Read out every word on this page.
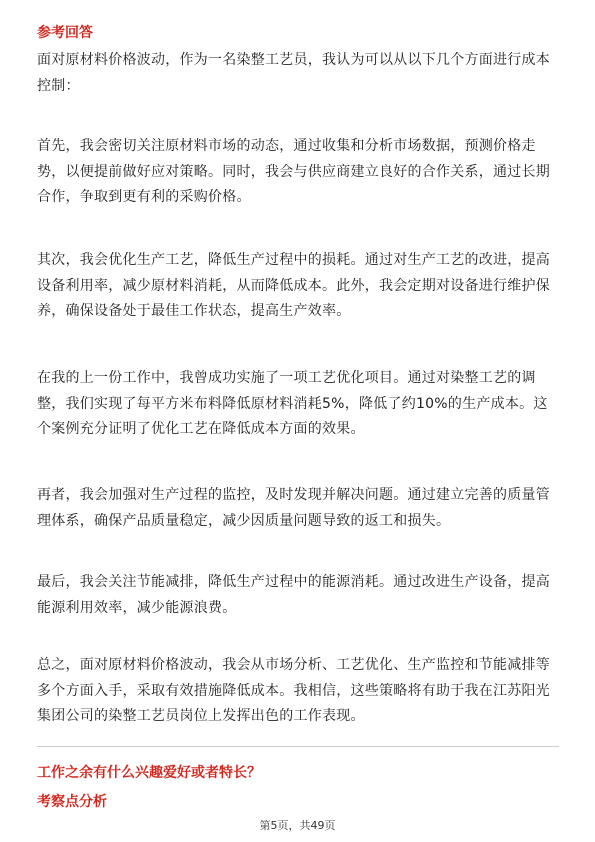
参考回答

面对原材料价格波动，作为一名染整工艺员，我认为可以从以下几个方面进行成本控制：

首先，我会密切关注原材料市场的动态，通过收集和分析市场数据，预测价格走势，以便提前做好应对策略。同时，我会与供应商建立良好的合作关系，通过长期合作，争取到更有利的采购价格。

其次，我会优化生产工艺，降低生产过程中的损耗。通过对生产工艺的改进，提高设备利用率，减少原材料消耗，从而降低成本。此外，我会定期对设备进行维护保养，确保设备处于最佳工作状态，提高生产效率。

在我的上一份工作中，我曾成功实施了一项工艺优化项目。通过对染整工艺的调整，我们实现了每平方米布料降低原材料消耗5%，降低了约10%的生产成本。这个案例充分证明了优化工艺在降低成本方面的效果。

再者，我会加强对生产过程的监控，及时发现并解决问题。通过建立完善的质量管理体系，确保产品质量稳定，减少因质量问题导致的返工和损失。

最后，我会关注节能减排，降低生产过程中的能源消耗。通过改进生产设备，提高能源利用效率，减少能源浪费。

总之，面对原材料价格波动，我会从市场分析、工艺优化、生产监控和节能减排等多个方面入手，采取有效措施降低成本。我相信，这些策略将有助于我在江苏阳光集团公司的染整工艺员岗位上发挥出色的工作表现。

工作之余有什么兴趣爱好或者特长？
考察点分析
第5页，共49页
